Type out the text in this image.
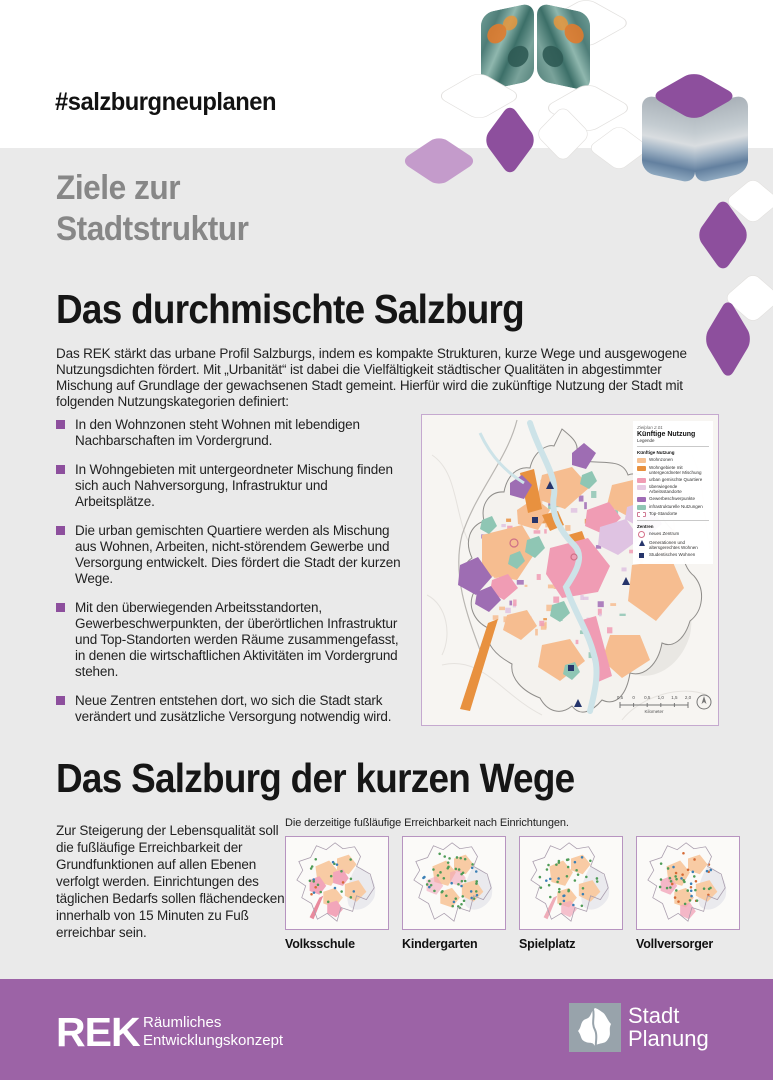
#salzburgneuplanen
Ziele zur
Stadtstruktur
Das durchmischte Salzburg
Das REK stärkt das urbane Profil Salzburgs, indem es kompakte Strukturen, kurze Wege und ausgewogene Nutzungsdichten fördert. Mit „Urbanität“ ist dabei die Vielfältigkeit städtischer Qualitäten in abgestimmter Mischung auf Grundlage der gewachsenen Stadt gemeint. Hierfür wird die zukünftige Nutzung der Stadt mit folgenden Nutzungskategorien definiert:
In den Wohnzonen steht Wohnen mit lebendigen Nachbarschaften im Vordergrund.
In Wohngebieten mit untergeordneter Mischung finden sich auch Nahversorgung, Infrastruktur und Arbeitsplätze.
Die urban gemischten Quartiere werden als Mischung aus Wohnen, Arbeiten, nicht-störendem Gewerbe und Versorgung entwickelt. Dies fördert die Stadt der kurzen Wege.
Mit den überwiegenden Arbeitsstandorten, Gewerbeschwerpunkten, der überörtlichen Infrastruktur und Top-Standorten werden Räume zusammengefasst, in denen die wirtschaftlichen Aktivitäten im Vordergrund stehen.
Neue Zentren entstehen dort, wo sich die Stadt stark verändert und zusätzliche Versorgung notwendig wird.
0,5 0 0,5 1,0 1,5 2,0
Kilometer
Zielplan 2.01
Künftige Nutzung
Legende
Künftige Nutzung
Wohnzonen
Wohngebiete mit untergeordneter Mischung
urban gemischte Quartiere
überwiegende Arbeitsstandorte
Gewerbeschwerpunkte
infrastrukturelle Nutzungen
Top-Standorte
Zentren
neues Zentrum
Generationen und altersgerechtes Wohnen
Studentisches Wohnen
Das Salzburg der kurzen Wege
Zur Steigerung der Lebensqualität soll die fußläufige Erreichbarkeit der Grundfunktionen auf allen Ebenen verfolgt werden. Einrichtungen des täglichen Bedarfs sollen flächendeckend innerhalb von 15 Minuten zu Fuß erreichbar sein.
Die derzeitige fußläufige Erreichbarkeit nach Einrichtungen.
Volksschule	Kindergarten	Spielplatz	Vollversorger
REK Räumliches
Entwicklungskonzept
Stadt
Planung
